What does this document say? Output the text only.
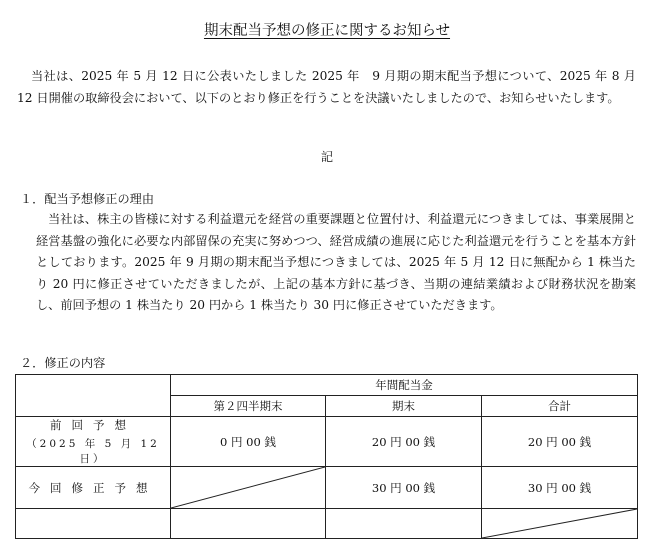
期末配当予想の修正に関するお知らせ

当社は、2025 年 5 月 12 日に公表いたしました 2025 年　9 月期の期末配当予想について、2025 年 8 月 12 日開催の取締役会において、以下のとおり修正を行うことを決議いたしましたので、お知らせいたします。

記
１．配当予想修正の理由

当社は、株主の皆様に対する利益還元を経営の重要課題と位置付け、利益還元につきましては、事業展開と経営基盤の強化に必要な内部留保の充実に努めつつ、経営成績の進展に応じた利益還元を行うことを基本方針としております。2025 年 9 月期の期末配当予想につきましては、2025 年 5 月 12 日に無配から 1 株当たり 20 円に修正させていただきましたが、上記の基本方針に基づき、当期の連結業績および財務状況を勘案し、前回予想の 1 株当たり 20 円から 1 株当たり 30 円に修正させていただきます。

２．修正の内容
	年間配当金		
	第２四半期末	期末	合計
前回予想
（2025 年 5 月 12 日）	0 円 00 銭	20 円 00 銭	20 円 00 銭
今回修正予想		30 円 00 銭	30 円 00 銭
